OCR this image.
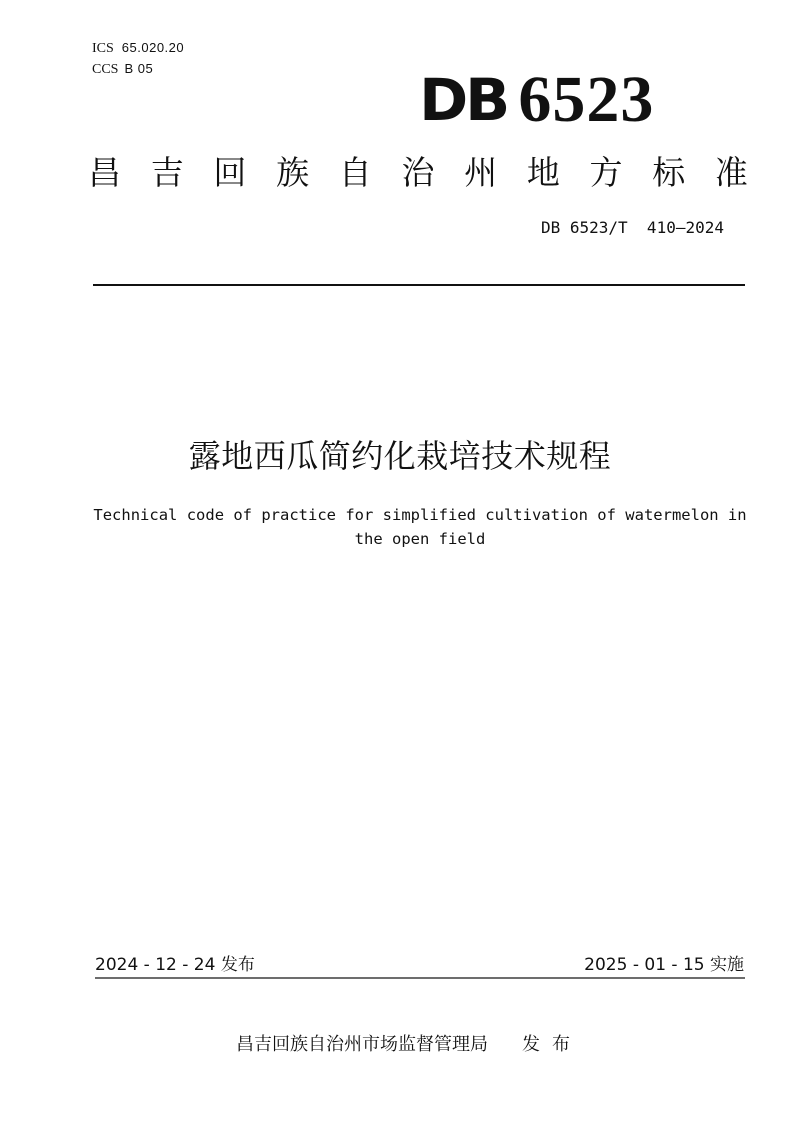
ICS 65.020.20
CCS B 05	DB 6523
昌 吉 回 族 自 治 州 地 方 标 准
DB 6523/T  410—2024
露地西瓜简约化栽培技术规程
Technical code of practice for simplified cultivation of watermelon in
the open field
2024 - 12 - 24 发布	2025 - 01 - 15 实施
昌吉回族自治州市场监督管理局 发布
